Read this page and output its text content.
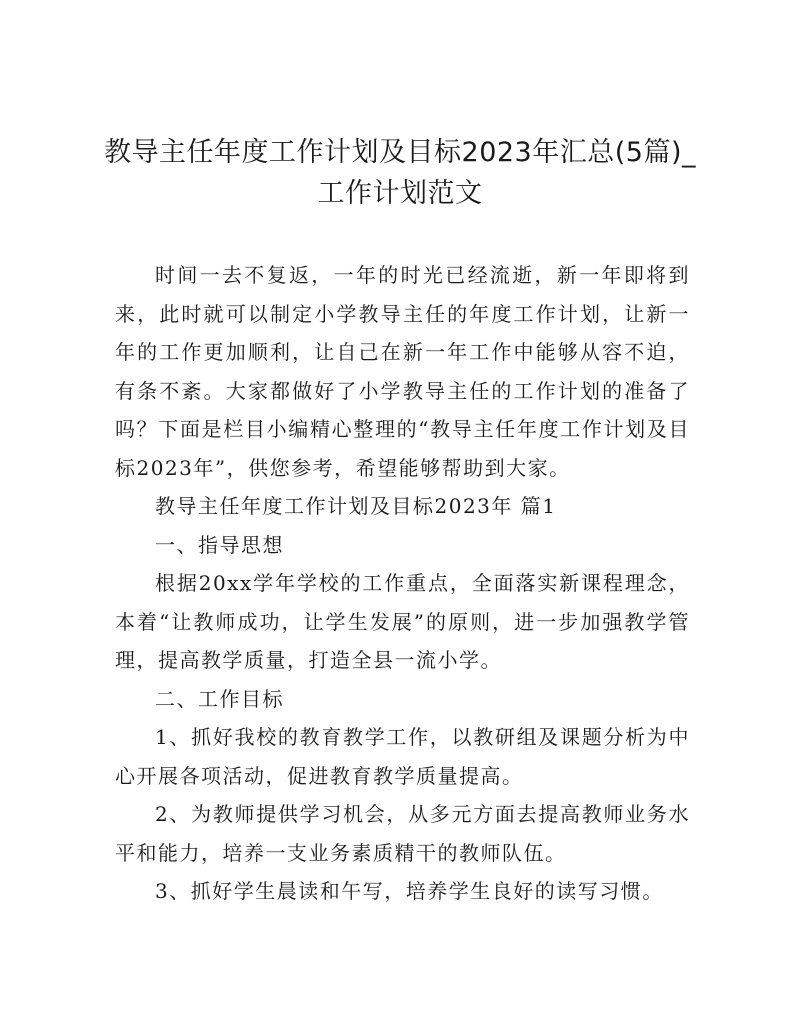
教导主任年度工作计划及目标2023年汇总(5篇)_工作计划范文

时间一去不复返，一年的时光已经流逝，新一年即将到来，此时就可以制定小学教导主任的年度工作计划，让新一年的工作更加顺利，让自己在新一年工作中能够从容不迫，有条不紊。大家都做好了小学教导主任的工作计划的准备了吗？下面是栏目小编精心整理的“教导主任年度工作计划及目标2023年”，供您参考，希望能够帮助到大家。

教导主任年度工作计划及目标2023年 篇1

一、指导思想

根据20xx学年学校的工作重点，全面落实新课程理念，本着“让教师成功，让学生发展”的原则，进一步加强教学管理，提高教学质量，打造全县一流小学。

二、工作目标

1、抓好我校的教育教学工作，以教研组及课题分析为中心开展各项活动，促进教育教学质量提高。

2、为教师提供学习机会，从多元方面去提高教师业务水平和能力，培养一支业务素质精干的教师队伍。

3、抓好学生晨读和午写，培养学生良好的读写习惯。
